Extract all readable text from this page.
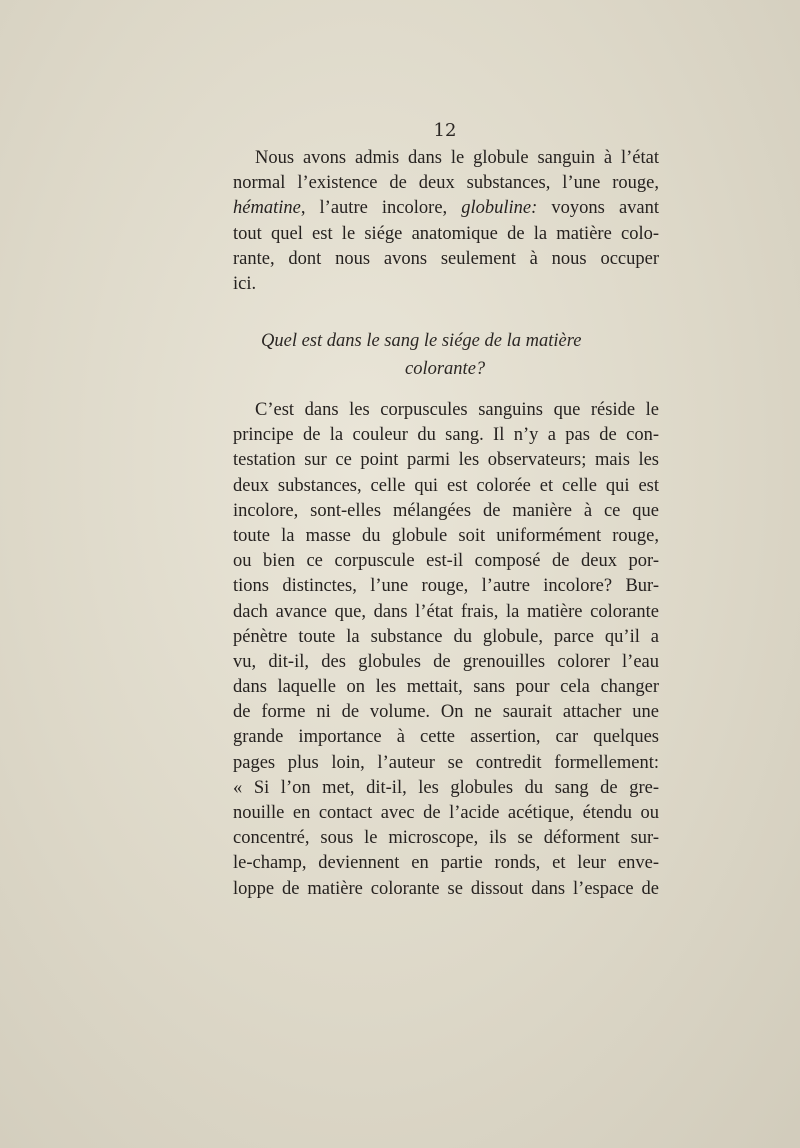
12
Nous avons admis dans le globule sanguin à l’état
normal l’existence de deux substances, l’une rouge,
hématine, l’autre incolore, globuline: voyons avant
tout quel est le siége anatomique de la matière colo-
rante, dont nous avons seulement à nous occuper
ici.
Quel est dans le sang le siége de la matière
colorante?
C’est dans les corpuscules sanguins que réside le
principe de la couleur du sang. Il n’y a pas de con-
testation sur ce point parmi les observateurs; mais les
deux substances, celle qui est colorée et celle qui est
incolore, sont-elles mélangées de manière à ce que
toute la masse du globule soit uniformément rouge,
ou bien ce corpuscule est-il composé de deux por-
tions distinctes, l’une rouge, l’autre incolore? Bur-
dach avance que, dans l’état frais, la matière colorante
pénètre toute la substance du globule, parce qu’il a
vu, dit-il, des globules de grenouilles colorer l’eau
dans laquelle on les mettait, sans pour cela changer
de forme ni de volume. On ne saurait attacher une
grande importance à cette assertion, car quelques
pages plus loin, l’auteur se contredit formellement:
« Si l’on met, dit-il, les globules du sang de gre-
nouille en contact avec de l’acide acétique, étendu ou
concentré, sous le microscope, ils se déforment sur-
le-champ, deviennent en partie ronds, et leur enve-
loppe de matière colorante se dissout dans l’espace de
